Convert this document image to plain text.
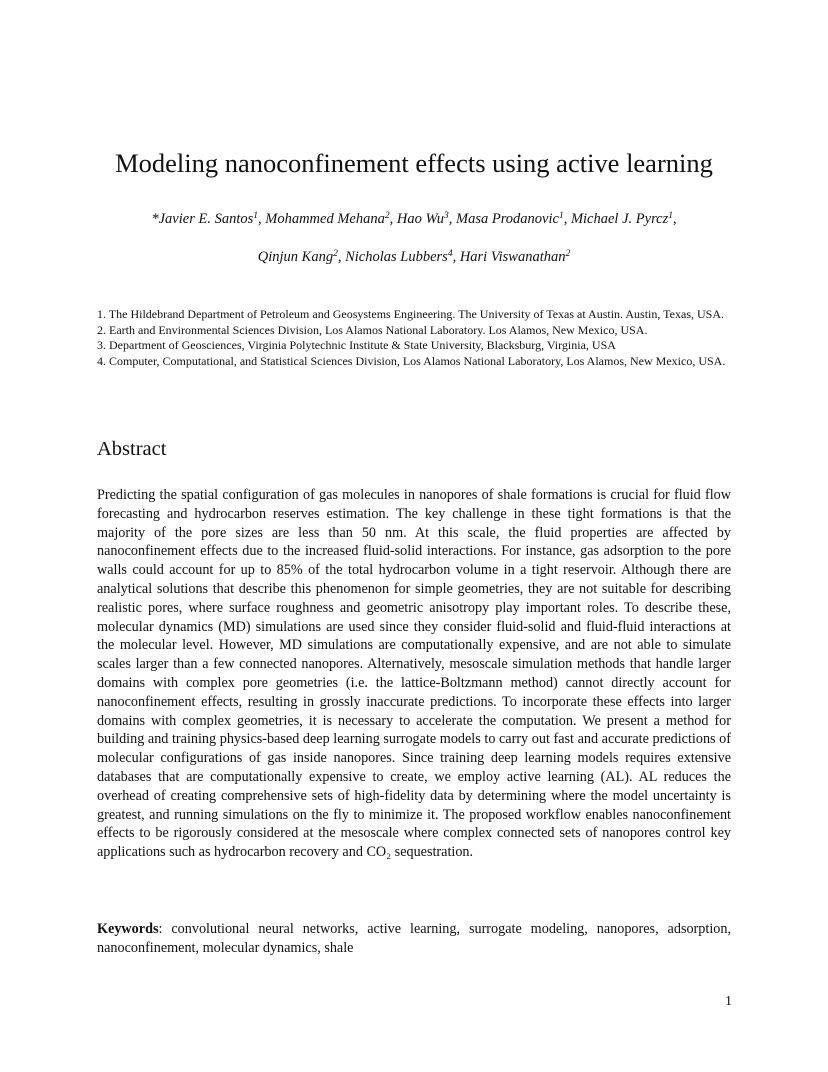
Modeling nanoconfinement effects using active learning
*Javier E. Santos$^1$, Mohammed Mehana$^2$, Hao Wu$^3$, Masa Prodanovic$^1$, Michael J. Pyrcz$^1$,
Qinjun Kang$^2$, Nicholas Lubbers$^4$, Hari Viswanathan$^2$

1. The Hildebrand Department of Petroleum and Geosystems Engineering. The University of Texas at Austin. Austin, Texas, USA.

2. Earth and Environmental Sciences Division, Los Alamos National Laboratory. Los Alamos, New Mexico, USA.

3. Department of Geosciences, Virginia Polytechnic Institute & State University, Blacksburg, Virginia, USA

4. Computer, Computational, and Statistical Sciences Division, Los Alamos National Laboratory, Los Alamos, New Mexico, USA.

Abstract

Predicting the spatial configuration of gas molecules in nanopores of shale formations is crucial for fluid flow forecasting and hydrocarbon reserves estimation. The key challenge in these tight formations is that the majority of the pore sizes are less than 50 nm. At this scale, the fluid properties are affected by nanoconfinement effects due to the increased fluid-solid interactions. For instance, gas adsorption to the pore walls could account for up to 85% of the total hydrocarbon volume in a tight reservoir. Although there are analytical solutions that describe this phenomenon for simple geometries, they are not suitable for describing realistic pores, where surface roughness and geometric anisotropy play important roles. To describe these, molecular dynamics (MD) simulations are used since they consider fluid-solid and fluid-fluid interactions at the molecular level. However, MD simulations are computationally expensive, and are not able to simulate scales larger than a few connected nanopores. Alternatively, mesoscale simulation methods that handle larger domains with complex pore geometries (i.e. the lattice-Boltzmann method) cannot directly account for nanoconfinement effects, resulting in grossly inaccurate predictions. To incorporate these effects into larger domains with complex geometries, it is necessary to accelerate the computation. We present a method for building and training physics-based deep learning surrogate models to carry out fast and accurate predictions of molecular configurations of gas inside nanopores. Since training deep learning models requires extensive databases that are computationally expensive to create, we employ active learning (AL). AL reduces the overhead of creating comprehensive sets of high-fidelity data by determining where the model uncertainty is greatest, and running simulations on the fly to minimize it. The proposed workflow enables nanoconfinement effects to be rigorously considered at the mesoscale where complex connected sets of nanopores control key applications such as hydrocarbon recovery and CO₂ sequestration.

Keywords: convolutional neural networks, active learning, surrogate modeling, nanopores, adsorption, nanoconfinement, molecular dynamics, shale

1
